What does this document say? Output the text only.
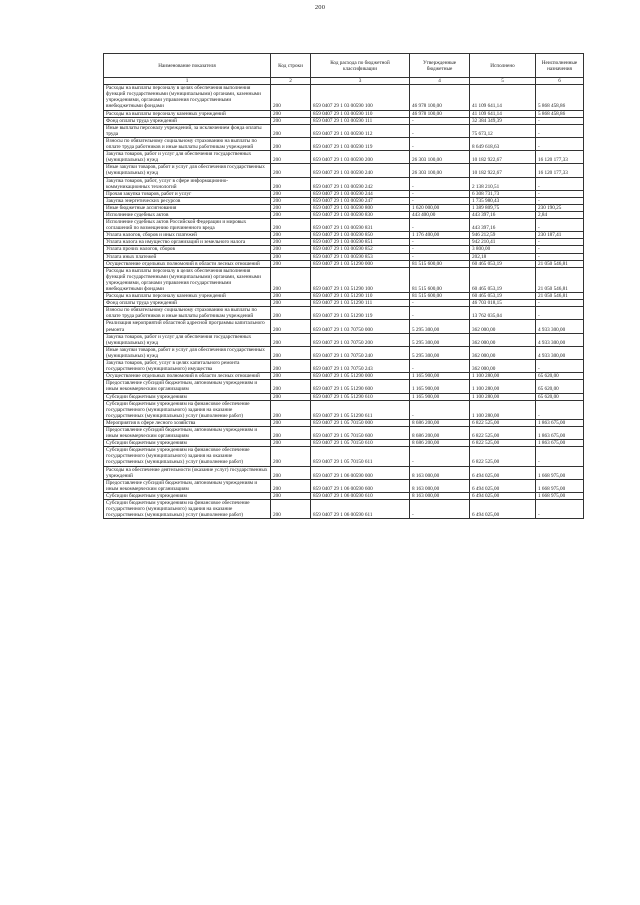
200
Наименование показателя	Код строки	Код расхода по бюджетной классификации	Утвержденные бюджетные	Исполнено	Неисполненные назначения
1	2	3	4	5	6
Расходы на выплаты персоналу в целях обеспечения выполнения функций государственными (муниципальными) органами, казенными учреждениями, органами управления государственными внебюджетными фондами	200	859 0407 29 1 03 00590 100	46 978 100,00	41 109 641,14	5 868 458,86
Расходы на выплаты персоналу казенных учреждений	200	859 0407 29 1 03 00590 110	46 978 100,00	41 109 641,14	5 868 458,86
Фонд оплаты труда учреждений	200	859 0407 29 1 03 00590 111	-	32 384 349,39	-
Иные выплаты персоналу учреждений, за исключением фонда оплаты труда	200	859 0407 29 1 03 00590 112	-	75 673,12	-
Взносы по обязательному социальному страхованию на выплаты по оплате труда работников и иные выплаты работникам учреждений	200	859 0407 29 1 03 00590 119	-	8 649 618,63	-
Закупка товаров, работ и услуг для обеспечения государственных (муниципальных) нужд	200	859 0407 29 1 03 00590 200	26 303 100,00	10 182 922,67	16 120 177,33
Иные закупки товаров, работ и услуг для обеспечения государственных (муниципальных) нужд	200	859 0407 29 1 03 00590 240	26 303 100,00	10 182 922,67	16 120 177,33
Закупка товаров, работ, услуг в сфере информационно-коммуникационных технологий	200	859 0407 29 1 03 00590 242	-	2 138 210,51	-
Прочая закупка товаров, работ и услуг	200	859 0407 29 1 03 00590 244	-	6 308 731,73	-
Закупка энергетических ресурсов	200	859 0407 29 1 03 00590 247	-	1 735 980,43	-
Иные бюджетные ассигнования	200	859 0407 29 1 03 00590 800	1 620 000,00	1 389 809,75	230 190,25
Исполнение судебных актов	200	859 0407 29 1 03 00590 830	443 400,00	443 397,16	2,84
Исполнение судебных актов Российской Федерации и мировых соглашений по возмещению причиненного вреда	200	859 0407 29 1 03 00590 831	-	443 397,16	-
Уплата налогов, сборов и иных платежей	200	859 0407 29 1 03 00590 850	1 176 400,00	946 212,59	230 187,41
Уплата налога на имущество организаций и земельного налога	200	859 0407 29 1 03 00590 851	-	942 210,41	-
Уплата прочих налогов, сборов	200	859 0407 29 1 03 00590 852	-	3 800,00	-
Уплата иных платежей	200	859 0407 29 1 03 00590 853	-	202,18	-
Осуществление отдельных полномочий в области лесных отношений	200	859 0407 29 1 03 51290 000	81 515 600,00	60 465 053,19	21 050 546,81
Расходы на выплаты персоналу в целях обеспечения выполнения функций государственными (муниципальными) органами, казенными учреждениями, органами управления государственными внебюджетными фондами	200	859 0407 29 1 03 51290 100	81 515 600,00	60 465 053,19	21 050 546,81
Расходы на выплаты персоналу казенных учреждений	200	859 0407 29 1 03 51290 110	81 515 600,00	60 465 053,19	21 050 546,81
Фонд оплаты труда учреждений	200	859 0407 29 1 03 51290 111	-	46 703 018,15	-
Взносы по обязательному социальному страхованию на выплаты по оплате труда работников и иные выплаты работникам учреждений	200	859 0407 29 1 03 51290 119	-	13 762 035,04	-
Реализация мероприятий областной адресной программы капитального ремонта	200	859 0407 29 1 03 70750 000	5 295 300,00	362 000,00	4 933 300,00
Закупка товаров, работ и услуг для обеспечения государственных (муниципальных) нужд	200	859 0407 29 1 03 70750 200	5 295 300,00	362 000,00	4 933 300,00
Иные закупки товаров, работ и услуг для обеспечения государственных (муниципальных) нужд	200	859 0407 29 1 03 70750 240	5 295 300,00	362 000,00	4 933 300,00
Закупка товаров, работ, услуг в целях капитального ремонта государственного (муниципального) имущества	200	859 0407 29 1 03 70750 243	-	362 000,00	-
Осуществление отдельных полномочий в области лесных отношений	200	859 0407 29 1 05 51290 000	1 165 900,00	1 100 280,00	65 620,00
Предоставление субсидий бюджетным, автономным учреждениям и иным некоммерческим организациям	200	859 0407 29 1 05 51290 600	1 165 900,00	1 100 280,00	65 620,00
Субсидии бюджетным учреждениям	200	859 0407 29 1 05 51290 610	1 165 900,00	1 100 280,00	65 620,00
Субсидии бюджетным учреждениям на финансовое обеспечение государственного (муниципального) задания на оказание государственных (муниципальных) услуг (выполнение работ)	200	859 0407 29 1 05 51290 611	-	1 100 280,00	-
Мероприятия в сфере лесного хозяйства	200	859 0407 29 1 05 70150 000	8 686 200,00	6 822 525,00	1 863 675,00
Предоставление субсидий бюджетным, автономным учреждениям и иным некоммерческим организациям	200	859 0407 29 1 05 70150 600	8 686 200,00	6 822 525,00	1 863 675,00
Субсидии бюджетным учреждениям	200	859 0407 29 1 05 70150 610	8 686 200,00	6 822 525,00	1 863 675,00
Субсидии бюджетным учреждениям на финансовое обеспечение государственного (муниципального) задания на оказание государственных (муниципальных) услуг (выполнение работ)	200	859 0407 29 1 05 70150 611	-	6 822 525,00	-
Расходы на обеспечение деятельности (оказание услуг) государственных учреждений	200	859 0407 29 1 06 00590 000	8 163 000,00	6 494 025,00	1 668 975,00
Предоставление субсидий бюджетным, автономным учреждениям и иным некоммерческим организациям	200	859 0407 29 1 06 00590 600	8 163 000,00	6 494 025,00	1 668 975,00
Субсидии бюджетным учреждениям	200	859 0407 29 1 06 00590 610	8 163 000,00	6 494 025,00	1 668 975,00
Субсидии бюджетным учреждениям на финансовое обеспечение государственного (муниципального) задания на оказание государственных (муниципальных) услуг (выполнение работ)	200	859 0407 29 1 06 00590 611	-	6 494 025,00	-
